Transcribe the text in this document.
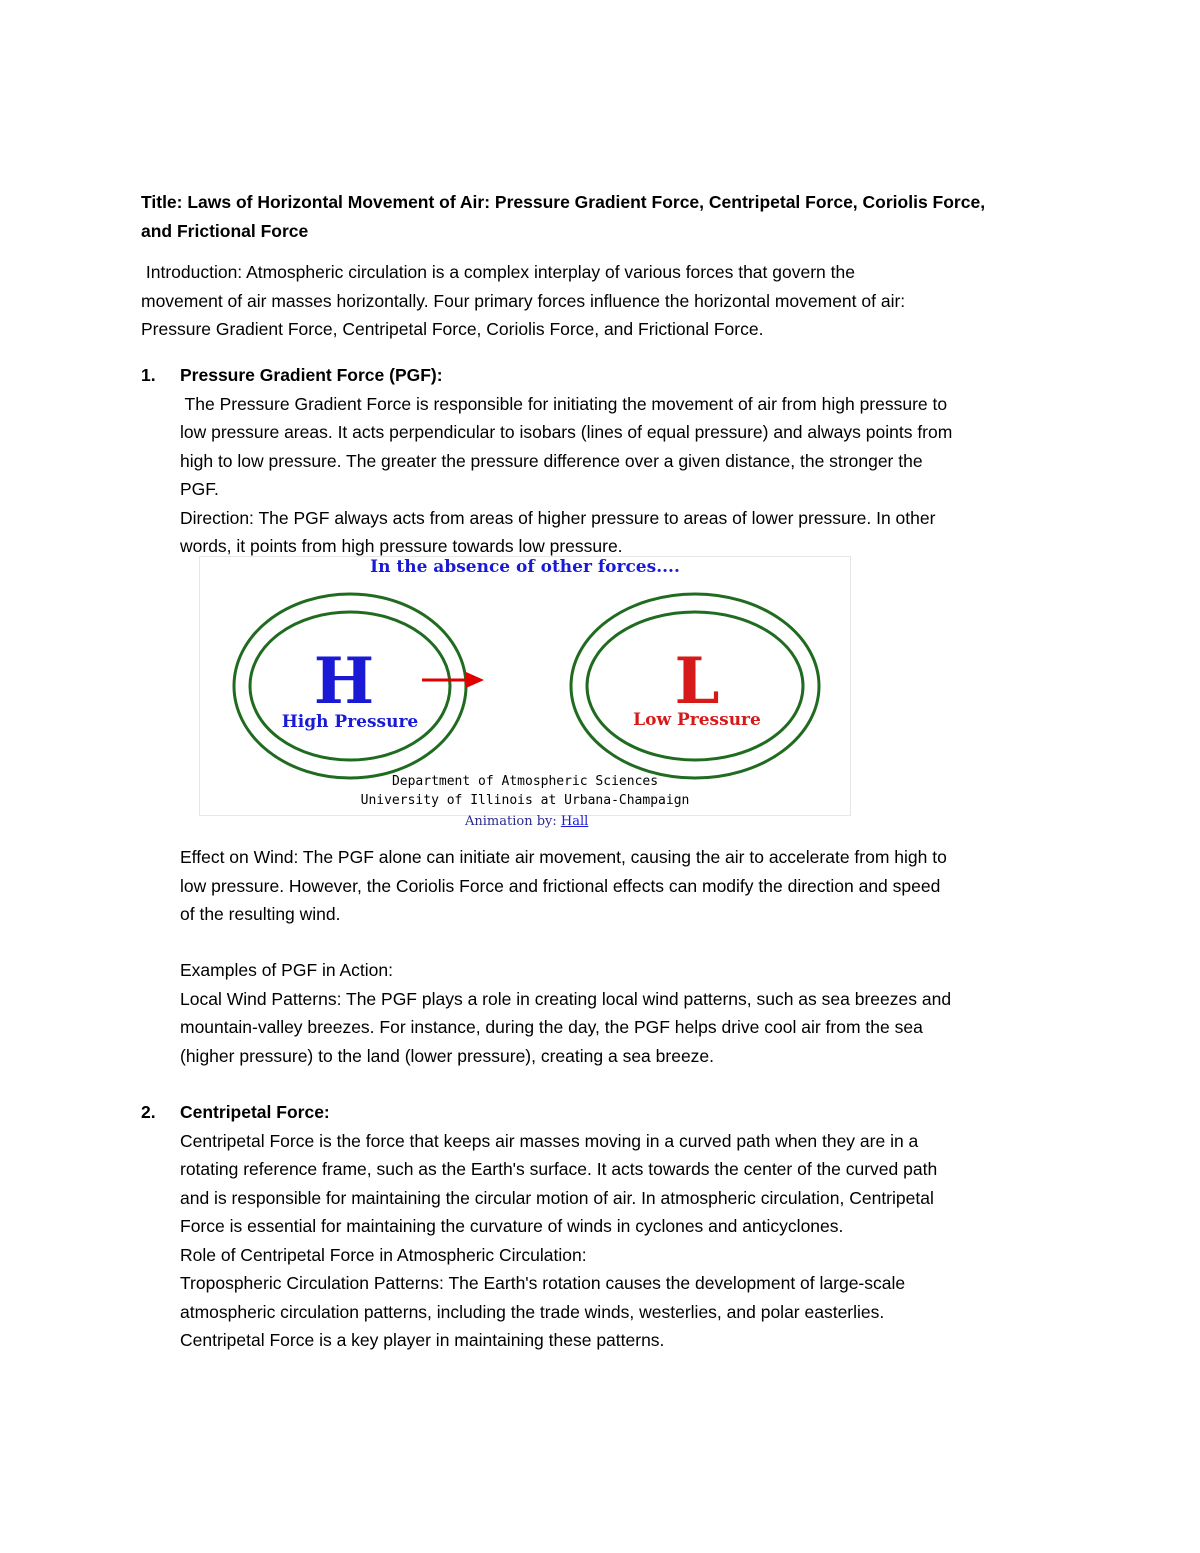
Title: Laws of Horizontal Movement of Air: Pressure Gradient Force, Centripetal Force, Coriolis Force,
and Frictional Force
Introduction: Atmospheric circulation is a complex interplay of various forces that govern the
movement of air masses horizontally. Four primary forces influence the horizontal movement of air:
Pressure Gradient Force, Centripetal Force, Coriolis Force, and Frictional Force.
1. Pressure Gradient Force (PGF):
The Pressure Gradient Force is responsible for initiating the movement of air from high pressure to
low pressure areas. It acts perpendicular to isobars (lines of equal pressure) and always points from
high to low pressure. The greater the pressure difference over a given distance, the stronger the
PGF.
Direction: The PGF always acts from areas of higher pressure to areas of lower pressure. In other
words, it points from high pressure towards low pressure.
In the absence of other forces....
H
High Pressure
L
Low Pressure
Department of Atmospheric Sciences
University of Illinois at Urbana-Champaign
Animation by: Hall
Effect on Wind: The PGF alone can initiate air movement, causing the air to accelerate from high to
low pressure. However, the Coriolis Force and frictional effects can modify the direction and speed
of the resulting wind.
Examples of PGF in Action:
Local Wind Patterns: The PGF plays a role in creating local wind patterns, such as sea breezes and
mountain-valley breezes. For instance, during the day, the PGF helps drive cool air from the sea
(higher pressure) to the land (lower pressure), creating a sea breeze.
2. Centripetal Force:
Centripetal Force is the force that keeps air masses moving in a curved path when they are in a
rotating reference frame, such as the Earth's surface. It acts towards the center of the curved path
and is responsible for maintaining the circular motion of air. In atmospheric circulation, Centripetal
Force is essential for maintaining the curvature of winds in cyclones and anticyclones.
Role of Centripetal Force in Atmospheric Circulation:
Tropospheric Circulation Patterns: The Earth's rotation causes the development of large-scale
atmospheric circulation patterns, including the trade winds, westerlies, and polar easterlies.
Centripetal Force is a key player in maintaining these patterns.
